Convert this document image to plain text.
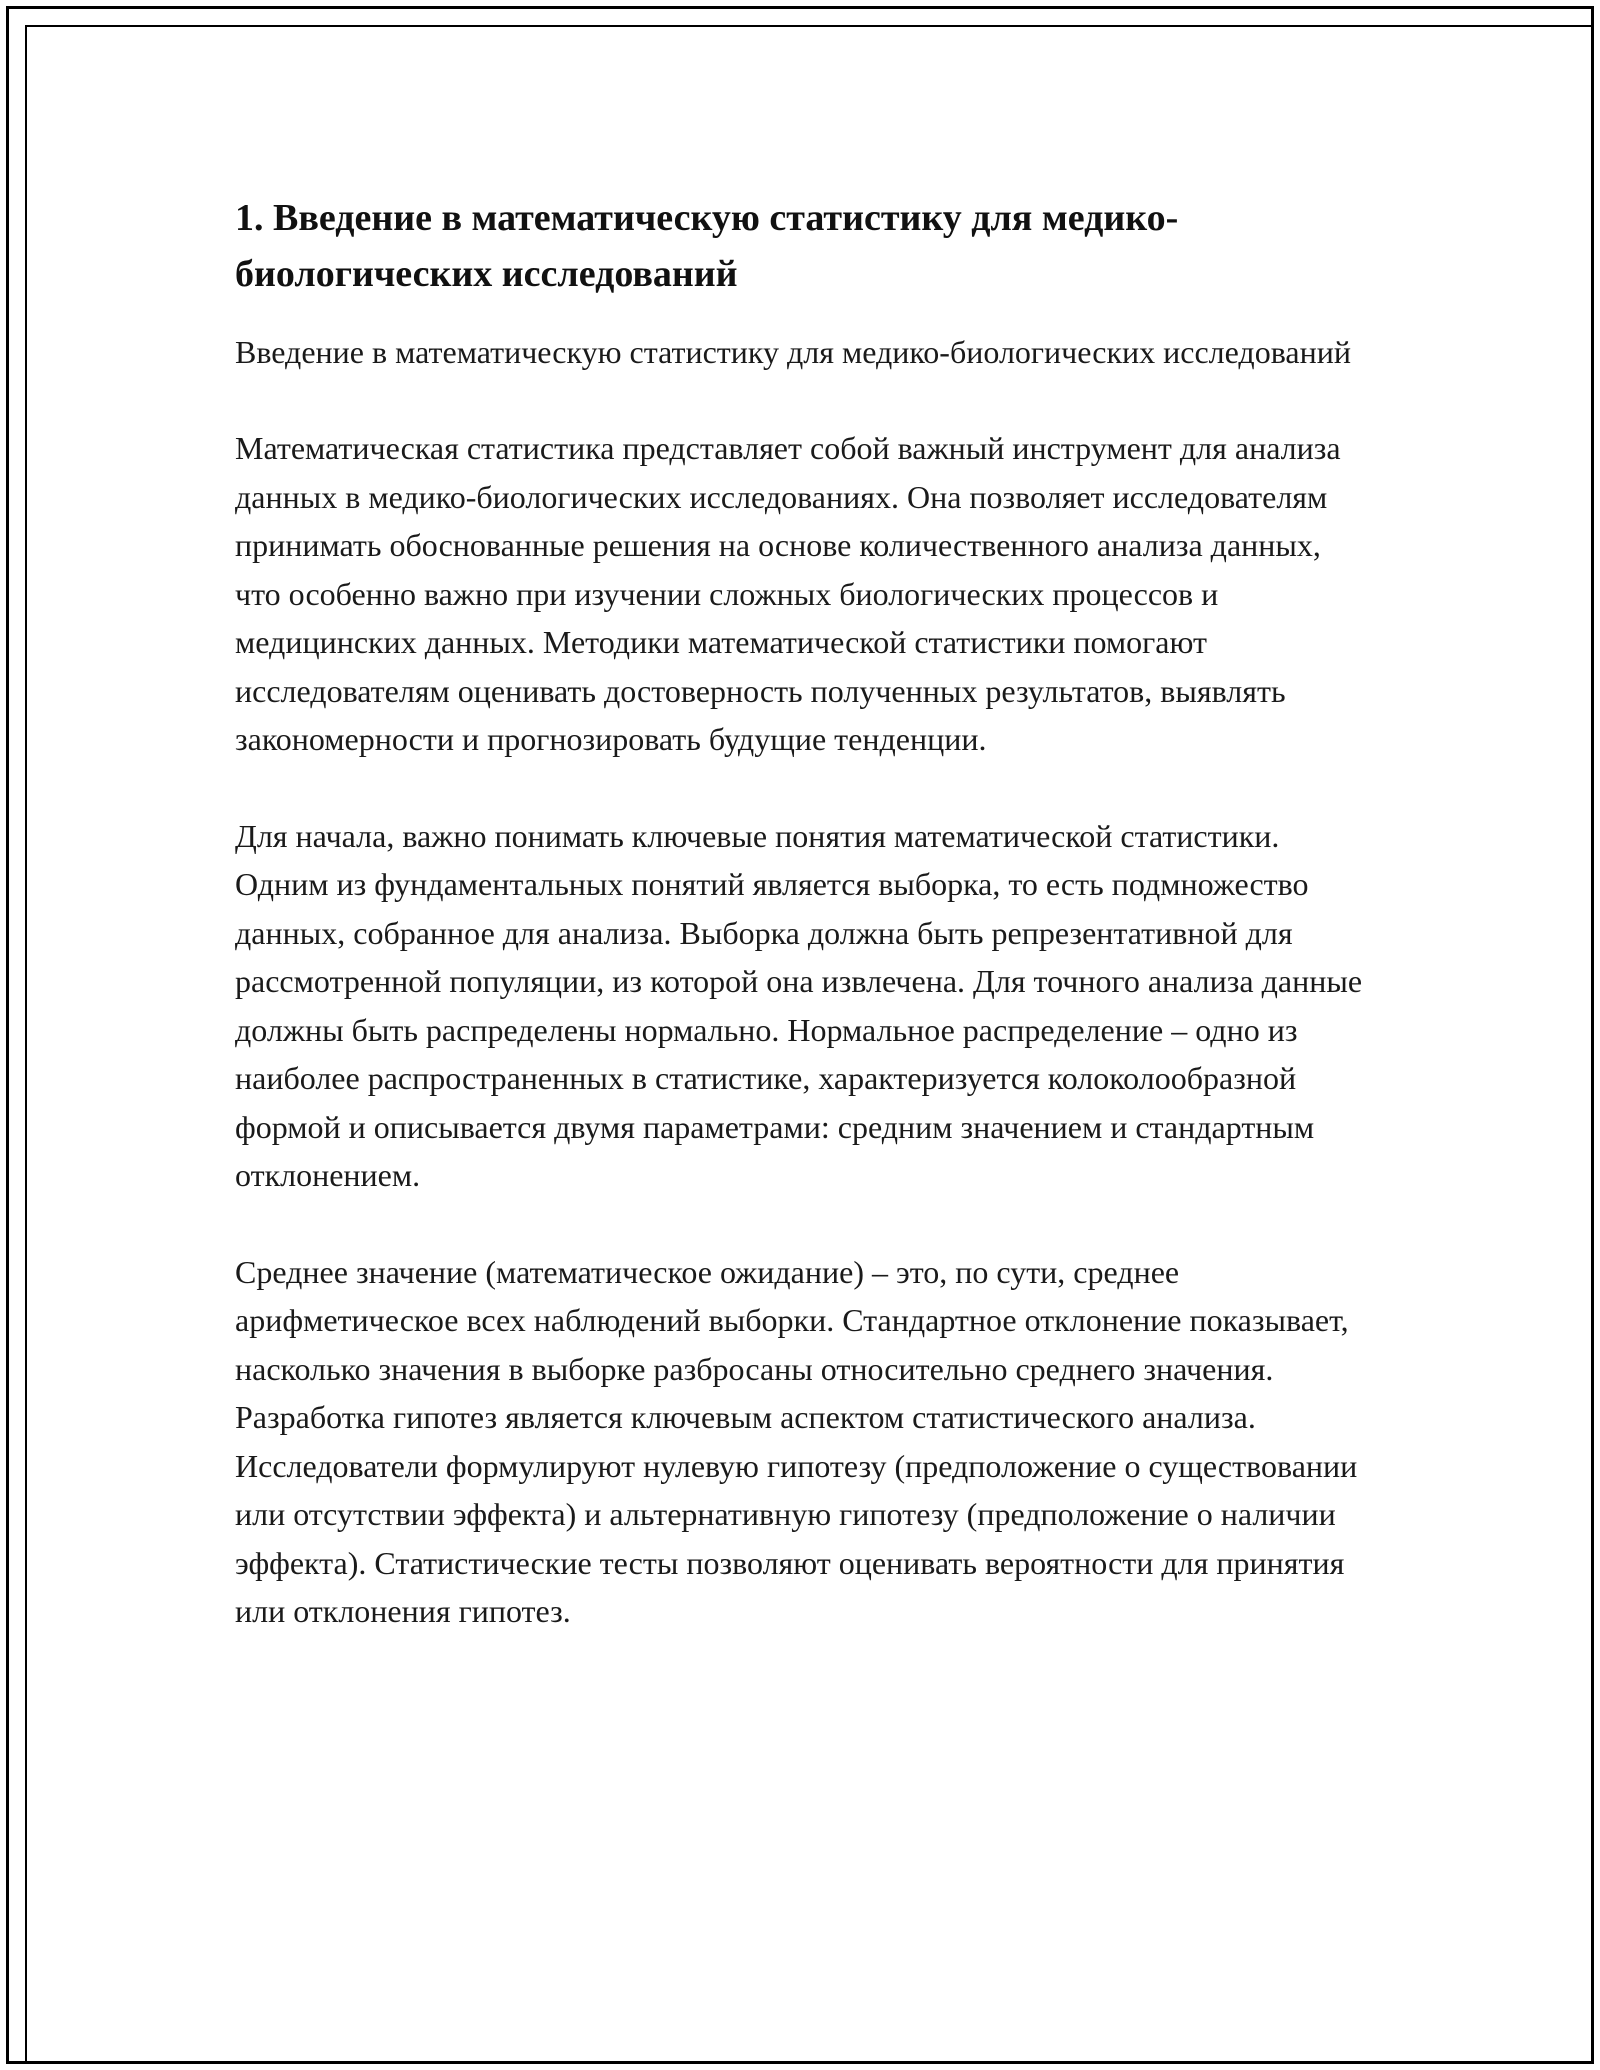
1. Введение в математическую статистику для медико-биологических исследований

Введение в математическую статистику для медико-биологических исследований

Математическая статистика представляет собой важный инструмент для анализа данных в медико-биологических исследованиях. Она позволяет исследователям принимать обоснованные решения на основе количественного анализа данных, что особенно важно при изучении сложных биологических процессов и медицинских данных. Методики математической статистики помогают исследователям оценивать достоверность полученных результатов, выявлять закономерности и прогнозировать будущие тенденции.

Для начала, важно понимать ключевые понятия математической статистики. Одним из фундаментальных понятий является выборка, то есть подмножество данных, собранное для анализа. Выборка должна быть репрезентативной для рассмотренной популяции, из которой она извлечена. Для точного анализа данные должны быть распределены нормально. Нормальное распределение – одно из наиболее распространенных в статистике, характеризуется колоколообразной формой и описывается двумя параметрами: средним значением и стандартным отклонением.

Среднее значение (математическое ожидание) – это, по сути, среднее арифметическое всех наблюдений выборки. Стандартное отклонение показывает, насколько значения в выборке разбросаны относительно среднего значения. Разработка гипотез является ключевым аспектом статистического анализа. Исследователи формулируют нулевую гипотезу (предположение о существовании или отсутствии эффекта) и альтернативную гипотезу (предположение о наличии эффекта). Статистические тесты позволяют оценивать вероятности для принятия или отклонения гипотез.
